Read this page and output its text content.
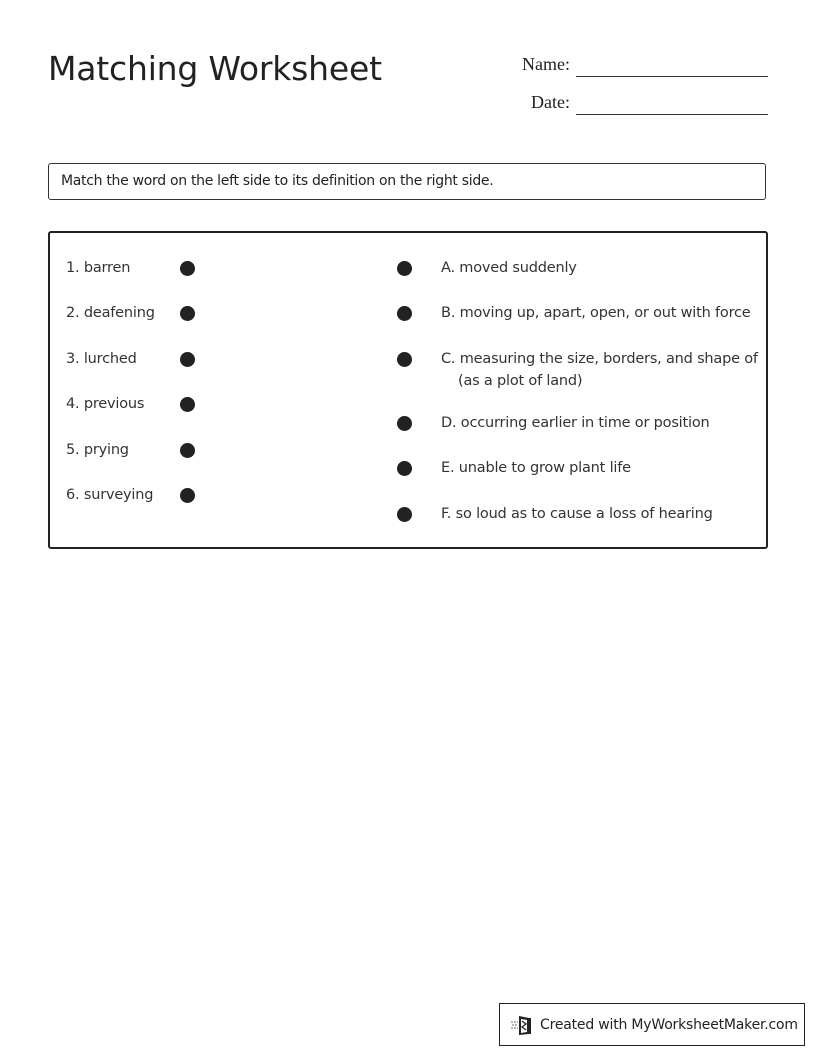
Matching Worksheet	Name:
Date:
Match the word on the left side to its definition on the right side.
1. barren
2. deafening
3. lurched
4. previous
5. prying
6. surveying
A. moved suddenly
B. moving up, apart, open, or out with force
C. measuring the size, borders, and shape of
(as a plot of land)
D. occurring earlier in time or position
E. unable to grow plant life
F. so loud as to cause a loss of hearing
Created with MyWorksheetMaker.com
